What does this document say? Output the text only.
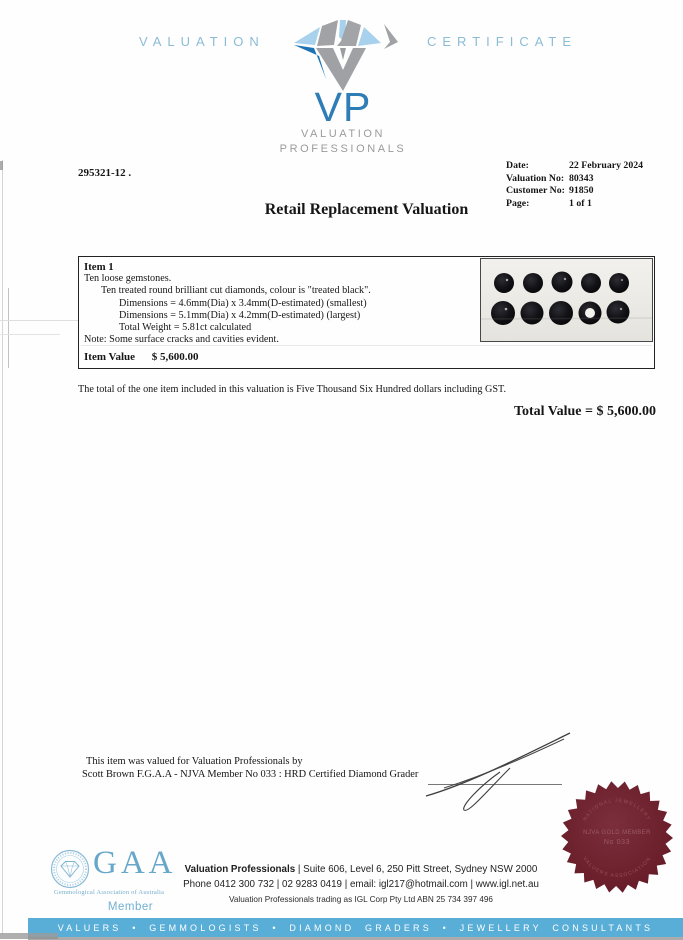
VALUATION	CERTIFICATE
VP
VALUATION
PROFESSIONALS
295321-12 .
Date:	22 February 2024
Valuation No: 80343
Customer No: 91850
Page:	1 of 1
Retail Replacement Valuation
Item 1
Ten loose gemstones.
Ten treated round brilliant cut diamonds, colour is "treated black".
Dimensions = 4.6mm(Dia) x 3.4mm(D-estimated) (smallest)
Dimensions = 5.1mm(Dia) x 4.2mm(D-estimated) (largest)
Total Weight = 5.81ct calculated
Note: Some surface cracks and cavities evident.
Item Value $ 5,600.00
The total of the one item included in this valuation is Five Thousand Six Hundred dollars including GST.
Total Value = $ 5,600.00
This item was valued for Valuation Professionals by
Scott Brown F.G.A.A - NJVA Member No 033 : HRD Certified Diamond Grader
NATIONAL JEWELLERY
NJVA GOLD MEMBER
No 033
VALUERS ASSOCIATION
GAA
Gemmological Association of Australia
Member
Valuation Professionals | Suite 606, Level 6, 250 Pitt Street, Sydney NSW 2000
Phone 0412 300 732 | 02 9283 0419 | email: igl217@hotmail.com | www.igl.net.au
Valuation Professionals trading as IGL Corp Pty Ltd ABN 25 734 397 496
VALUERS • GEMMOLOGISTS • DIAMOND GRADERS • JEWELLERY CONSULTANTS
